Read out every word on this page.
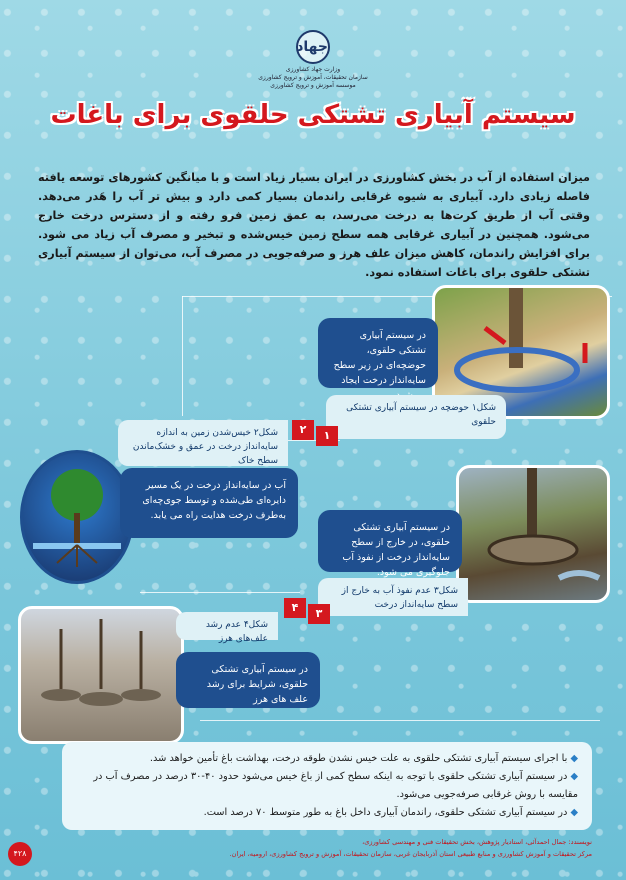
جهاد
وزارت جهاد کشاورزی
سازمان تحقیقات، آموزش و ترویج کشاورزی
موسسه آموزش و ترویج کشاورزی
سیستم آبیاری تشتکی حلقوی برای باغات
میزان استفاده از آب در بخش کشاورزی در ایران بسیار زیاد است و با میانگین کشورهای توسعه یافته فاصله زیادی دارد. آبیاری به شیوه غرقابی راندمان بسیار کمی دارد و بیش تر آب را هَدر می‌دهد. وقتی آب از طریق کرت‌ها به درخت می‌رسد، به عمق زمین فرو رفته و از دسترس درخت خارج می‌شود. همچنین در آبیاری غرقابی همه سطح زمین خیس‌شده و تبخیر و مصرف آب زیاد می شود. برای افزایش راندمان، کاهش میزان علف هرز و صرفه‌جویی در مصرف آب، می‌توان از سیستم آبیاری تشتکی حلقوی برای باغات استفاده نمود.
در سیستم آبیاری تشتکی حلقوی، حوضچه‌ای در زیر سطح سایه‌انداز درخت ایجاد
شکل۱ حوضچه در سیستم آبیاری تشتکی حلقوی
۱
۲
شکل۲ خیس‌شدن زمین به اندازه سایه‌انداز درخت در عمق و خشک‌ماندن سطح خاک
آب در سایه‌انداز درخت در یک مسیر دایره‌ای طی‌شده و توسط جوی‌چه‌ای به‌طرف درخت هدایت راه می یابد.
در سیستم آبیاری تشتکی حلقوی، در خارج از سطح سایه‌انداز درخت از نفوذ آب جلوگیری می شود.
شکل۳ عدم نفوذ آب به خارج از سطح سایه‌انداز درخت
۳
۴
شکل۴ عدم رشد علف‌های هرز
در سیستم آبیاری تشتکی حلقوی، شرایط برای رشد علف های هرز
◆ با اجرای سیستم آبیاری تشتکی حلقوی به علت خیس نشدن طوقه درخت، بهداشت باغ تأمین خواهد شد.
◆ در سیستم آبیاری تشتکی حلقوی با توجه به اینکه سطح کمی از باغ خیس می‌شود حدود ۴۰-۳۰ درصد در مصرف آب در مقایسه با روش غرقابی صرفه‌جویی می‌شود.
◆ در سیستم آبیاری تشتکی حلقوی، راندمان آبیاری داخل باغ به طور متوسط ۷۰ درصد است.
نویسندد: جمال احمدآئی، استادیار پژوهش، بخش تحقیقات فنی و مهندسی کشاورزی،
مرکز تحقیقات و آموزش کشاورزی و منابع طبیعی استان آذربایجان غربی، سازمان تحقیقات، آموزش و ترویج کشاورزی، ارومیه، ایران.
۴۲۸
